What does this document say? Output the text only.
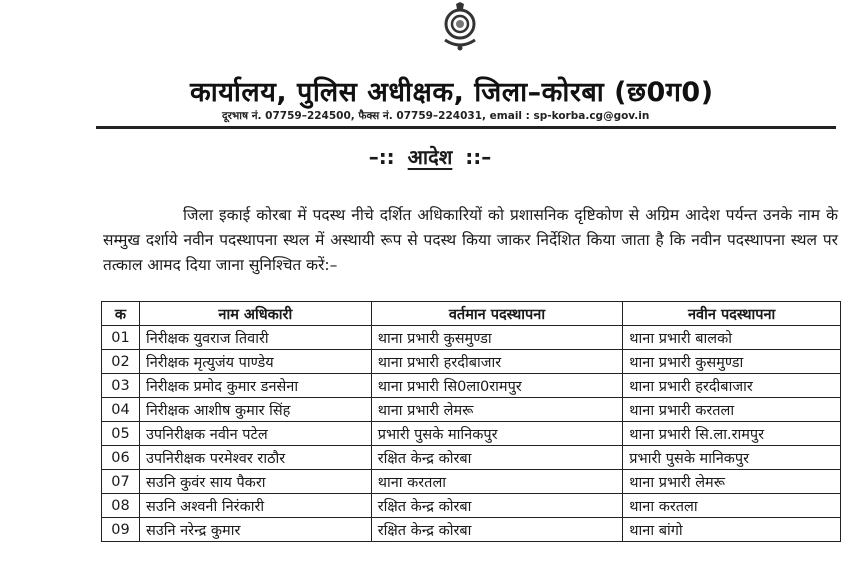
कार्यालय, पुलिस अधीक्षक, जिला–कोरबा (छ0ग0)
दूरभाष नं. 07759–224500, फैक्स नं. 07759–224031, email : sp-korba.cg@gov.in
–:: आदेश ::–
जिला इकाई कोरबा में पदस्थ नीचे दर्शित अधिकारियों को प्रशासनिक दृष्टिकोण से अग्रिम आदेश पर्यन्त उनके नाम के सम्मुख दर्शाये नवीन पदस्थापना स्थल में अस्थायी रूप से पदस्थ किया जाकर निर्देशित किया जाता है कि नवीन पदस्थापना स्थल पर तत्काल आमद दिया जाना सुनिश्चित करें:–
क	नाम अधिकारी	वर्तमान पदस्थापना	नवीन पदस्थापना
01	निरीक्षक युवराज तिवारी	थाना प्रभारी कुसमुण्डा	थाना प्रभारी बालको
02	निरीक्षक मृत्युजंय पाण्डेय	थाना प्रभारी हरदीबाजार	थाना प्रभारी कुसमुण्डा
03	निरीक्षक प्रमोद कुमार डनसेना	थाना प्रभारी सि0ला0रामपुर	थाना प्रभारी हरदीबाजार
04	निरीक्षक आशीष कुमार सिंह	थाना प्रभारी लेमरू	थाना प्रभारी करतला
05	उपनिरीक्षक नवीन पटेल	प्रभारी पुसके मानिकपुर	थाना प्रभारी सि.ला.रामपुर
06	उपनिरीक्षक परमेश्वर राठौर	रक्षित केन्द्र कोरबा	प्रभारी पुसके मानिकपुर
07	सउनि कुवंर साय पैकरा	थाना करतला	थाना प्रभारी लेमरू
08	सउनि अश्वनी निरंकारी	रक्षित केन्द्र कोरबा	थाना करतला
09	सउनि नरेन्द्र कुमार	रक्षित केन्द्र कोरबा	थाना बांगो
